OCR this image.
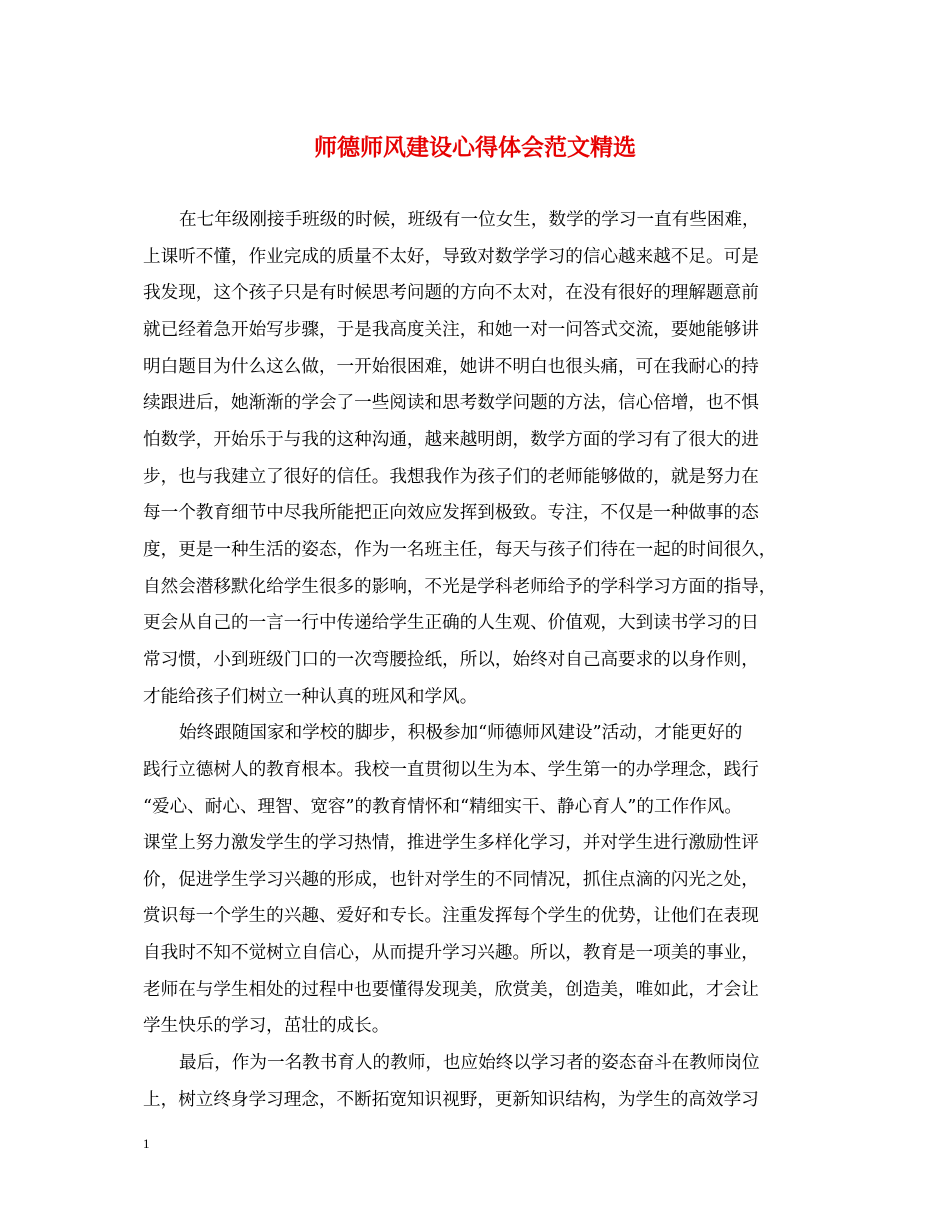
师德师风建设心得体会范文精选
在七年级刚接手班级的时候，班级有一位女生，数学的学习一直有些困难，
上课听不懂，作业完成的质量不太好，导致对数学学习的信心越来越不足。可是
我发现，这个孩子只是有时候思考问题的方向不太对，在没有很好的理解题意前
就已经着急开始写步骤，于是我高度关注，和她一对一问答式交流，要她能够讲
明白题目为什么这么做，一开始很困难，她讲不明白也很头痛，可在我耐心的持
续跟进后，她渐渐的学会了一些阅读和思考数学问题的方法，信心倍增，也不惧
怕数学，开始乐于与我的这种沟通，越来越明朗，数学方面的学习有了很大的进
步，也与我建立了很好的信任。我想我作为孩子们的老师能够做的，就是努力在
每一个教育细节中尽我所能把正向效应发挥到极致。专注，不仅是一种做事的态
度，更是一种生活的姿态，作为一名班主任，每天与孩子们待在一起的时间很久，
自然会潜移默化给学生很多的影响，不光是学科老师给予的学科学习方面的指导，
更会从自己的一言一行中传递给学生正确的人生观、价值观，大到读书学习的日
常习惯，小到班级门口的一次弯腰捡纸，所以，始终对自己高要求的以身作则，
才能给孩子们树立一种认真的班风和学风。
始终跟随国家和学校的脚步，积极参加“师德师风建设”活动，才能更好的
践行立德树人的教育根本。我校一直贯彻以生为本、学生第一的办学理念，践行
“爱心、耐心、理智、宽容”的教育情怀和“精细实干、静心育人”的工作作风。
课堂上努力激发学生的学习热情，推进学生多样化学习，并对学生进行激励性评
价，促进学生学习兴趣的形成，也针对学生的不同情况，抓住点滴的闪光之处，
赏识每一个学生的兴趣、爱好和专长。注重发挥每个学生的优势，让他们在表现
自我时不知不觉树立自信心，从而提升学习兴趣。所以，教育是一项美的事业，
老师在与学生相处的过程中也要懂得发现美，欣赏美，创造美，唯如此，才会让
学生快乐的学习，茁壮的成长。
最后，作为一名教书育人的教师，也应始终以学习者的姿态奋斗在教师岗位
上，树立终身学习理念，不断拓宽知识视野，更新知识结构，为学生的高效学习
1
